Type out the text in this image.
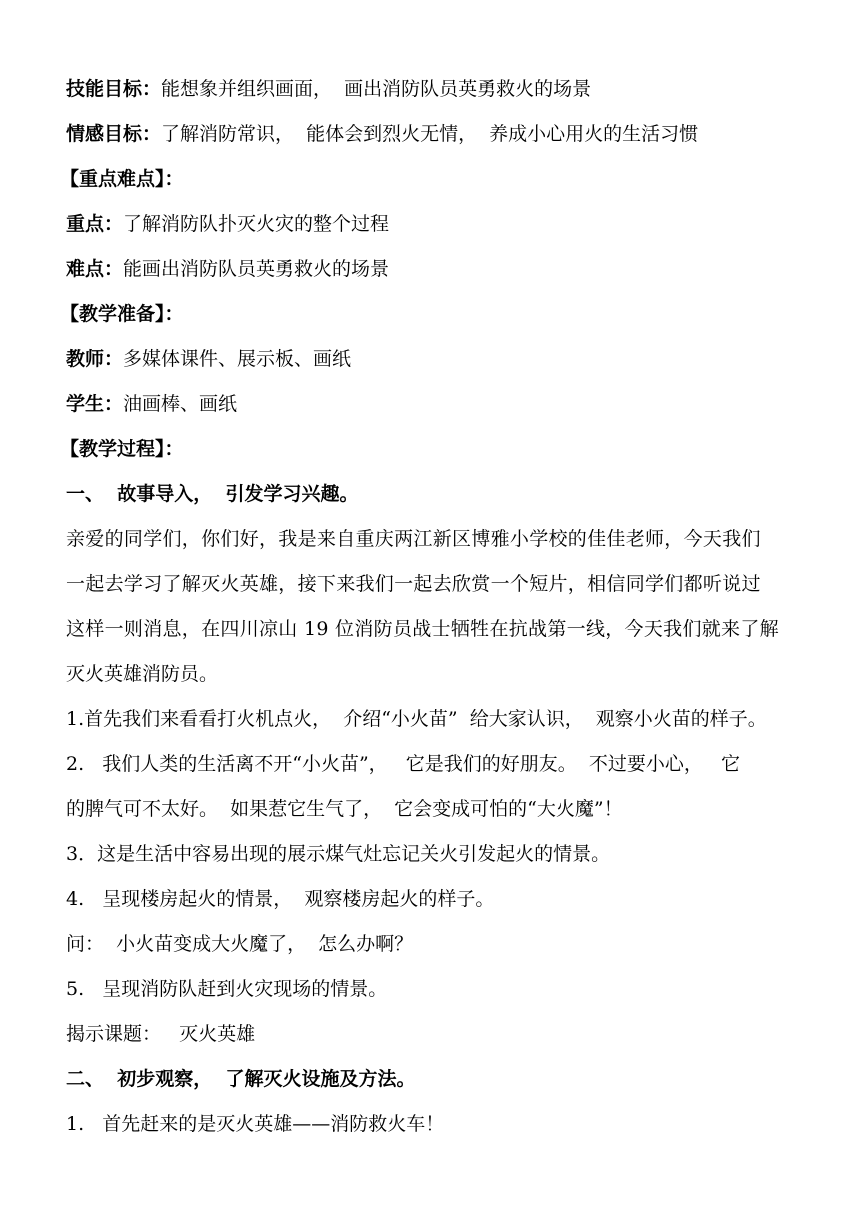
技能目标：能想象并组织画面，  画出消防队员英勇救火的场景
情感目标：了解消防常识，  能体会到烈火无情，  养成小心用火的生活习惯
【重点难点】：
重点：了解消防队扑灭火灾的整个过程
难点：能画出消防队员英勇救火的场景
【教学准备】：
教师：多媒体课件、展示板、画纸
学生：油画棒、画纸
【教学过程】：
一、  故事导入，  引发学习兴趣。
亲爱的同学们，你们好，我是来自重庆两江新区博雅小学校的佳佳老师，今天我们
一起去学习了解灭火英雄，接下来我们一起去欣赏一个短片，相信同学们都听说过
这样一则消息，在四川凉山 19 位消防员战士牺牲在抗战第一线，今天我们就来了解
灭火英雄消防员。
1.首先我们来看看打火机点火，  介绍“小火苗”  给大家认识，  观察小火苗的样子。
2.   我们人类的生活离不开“小火苗”，   它是我们的好朋友。  不过要小心，   它
的脾气可不太好。  如果惹它生气了，  它会变成可怕的“大火魔”！
3．这是生活中容易出现的展示煤气灶忘记关火引发起火的情景。
4.   呈现楼房起火的情景，  观察楼房起火的样子。
问：  小火苗变成大火魔了，  怎么办啊？
5.   呈现消防队赶到火灾现场的情景。
揭示课题：   灭火英雄
二、  初步观察，  了解灭火设施及方法。
1.   首先赶来的是灭火英雄——消防救火车！
